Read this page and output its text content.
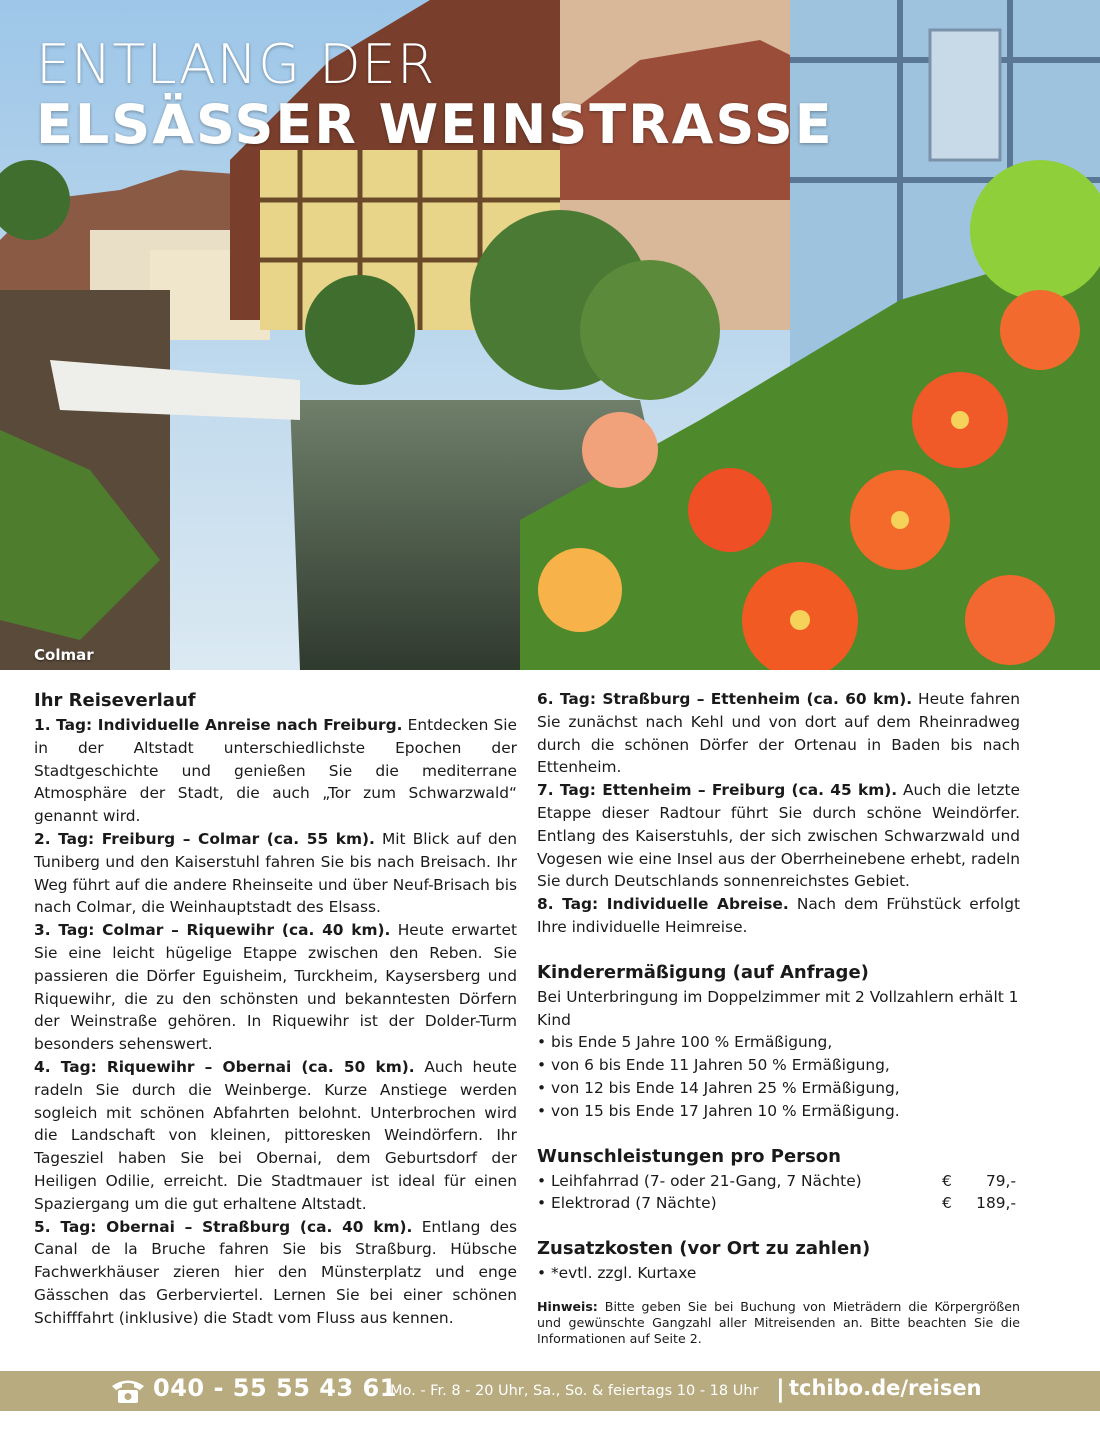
ENTLANG DER
ELSÄSSER WEINSTRASSE
Colmar
Ihr Reiseverlauf

1. Tag: Individuelle Anreise nach Freiburg. Entdecken Sie in der Altstadt unterschiedlichste Epochen der Stadtgeschichte und genießen Sie die mediterrane Atmosphäre der Stadt, die auch „Tor zum Schwarzwald“ genannt wird.

2. Tag: Freiburg – Colmar (ca. 55 km). Mit Blick auf den Tuniberg und den Kaiserstuhl fahren Sie bis nach Breisach. Ihr Weg führt auf die andere Rheinseite und über Neuf-Brisach bis nach Colmar, die Weinhauptstadt des Elsass.

3. Tag: Colmar – Riquewihr (ca. 40 km). Heute erwartet Sie eine leicht hügelige Etappe zwischen den Reben. Sie passieren die Dörfer Eguisheim, Turckheim, Kaysersberg und Riquewihr, die zu den schönsten und bekanntesten Dörfern der Weinstraße gehören. In Riquewihr ist der Dolder-Turm besonders sehenswert.

4. Tag: Riquewihr – Obernai (ca. 50 km). Auch heute radeln Sie durch die Weinberge. Kurze Anstiege werden sogleich mit schönen Abfahrten belohnt. Unterbrochen wird die Landschaft von kleinen, pittoresken Weindörfern. Ihr Tagesziel haben Sie bei Obernai, dem Geburtsdorf der Heiligen Odilie, erreicht. Die Stadtmauer ist ideal für einen Spaziergang um die gut erhaltene Altstadt.

5. Tag: Obernai – Straßburg (ca. 40 km). Entlang des Canal de la Bruche fahren Sie bis Straßburg. Hübsche Fachwerkhäuser zieren hier den Münsterplatz und enge Gässchen das Gerberviertel. Lernen Sie bei einer schönen Schifffahrt (inklusive) die Stadt vom Fluss aus kennen.

6. Tag: Straßburg – Ettenheim (ca. 60 km). Heute fahren Sie zunächst nach Kehl und von dort auf dem Rheinradweg durch die schönen Dörfer der Ortenau in Baden bis nach Ettenheim.

7. Tag: Ettenheim – Freiburg (ca. 45 km). Auch die letzte Etappe dieser Radtour führt Sie durch schöne Weindörfer. Entlang des Kaiserstuhls, der sich zwischen Schwarzwald und Vogesen wie eine Insel aus der Oberrheinebene erhebt, radeln Sie durch Deutschlands sonnenreichstes Gebiet.

8. Tag: Individuelle Abreise. Nach dem Frühstück erfolgt Ihre individuelle Heimreise.

Kinderermäßigung (auf Anfrage)

Bei Unterbringung im Doppelzimmer mit 2 Vollzahlern erhält 1 Kind

• bis Ende 5 Jahre 100 % Ermäßigung,
• von 6 bis Ende 11 Jahren 50 % Ermäßigung,
• von 12 bis Ende 14 Jahren 25 % Ermäßigung,
• von 15 bis Ende 17 Jahren 10 % Ermäßigung.
Wunschleistungen pro Person
• Leihfahrrad (7- oder 21-Gang, 7 Nächte)	€	79,-
• Elektrorad (7 Nächte)	€	189,-
Zusatzkosten (vor Ort zu zahlen)
• *evtl. zzgl. Kurtaxe

Hinweis: Bitte geben Sie bei Buchung von Mieträdern die Körpergrößen und gewünschte Gangzahl aller Mitreisenden an. Bitte beachten Sie die Informationen auf Seite 2.

040 - 55 55 43 61
Mo. - Fr. 8 - 20 Uhr, Sa., So. & feiertags 10 - 18 Uhr | tchibo.de/reisen
